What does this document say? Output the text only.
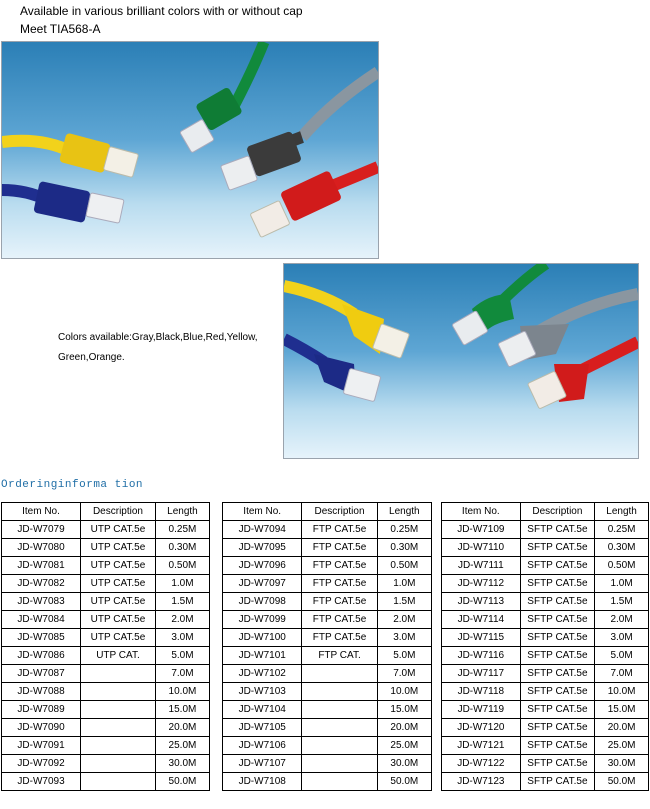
Available in various brilliant colors with or without cap
Meet TIA568-A
Colors available:Gray,Black,Blue,Red,Yellow,
Green,Orange.
Orderinginforma tion
Item No.	Description	Length
JD-W7079	UTP CAT.5e	0.25M
JD-W7080	UTP CAT.5e	0.30M
JD-W7081	UTP CAT.5e	0.50M
JD-W7082	UTP CAT.5e	1.0M
JD-W7083	UTP CAT.5e	1.5M
JD-W7084	UTP CAT.5e	2.0M
JD-W7085	UTP CAT.5e	3.0M
JD-W7086	UTP CAT.	5.0M
JD-W7087		7.0M
JD-W7088		10.0M
JD-W7089		15.0M
JD-W7090		20.0M
JD-W7091		25.0M
JD-W7092		30.0M
JD-W7093		50.0M
Item No.	Description	Length
JD-W7094	FTP CAT.5e	0.25M
JD-W7095	FTP CAT.5e	0.30M
JD-W7096	FTP CAT.5e	0.50M
JD-W7097	FTP CAT.5e	1.0M
JD-W7098	FTP CAT.5e	1.5M
JD-W7099	FTP CAT.5e	2.0M
JD-W7100	FTP CAT.5e	3.0M
JD-W7101	FTP CAT.	5.0M
JD-W7102		7.0M
JD-W7103		10.0M
JD-W7104		15.0M
JD-W7105		20.0M
JD-W7106		25.0M
JD-W7107		30.0M
JD-W7108		50.0M
Item No.	Description	Length
JD-W7109	SFTP CAT.5e	0.25M
JD-W7110	SFTP CAT.5e	0.30M
JD-W7111	SFTP CAT.5e	0.50M
JD-W7112	SFTP CAT.5e	1.0M
JD-W7113	SFTP CAT.5e	1.5M
JD-W7114	SFTP CAT.5e	2.0M
JD-W7115	SFTP CAT.5e	3.0M
JD-W7116	SFTP CAT.5e	5.0M
JD-W7117	SFTP CAT.5e	7.0M
JD-W7118	SFTP CAT.5e	10.0M
JD-W7119	SFTP CAT.5e	15.0M
JD-W7120	SFTP CAT.5e	20.0M
JD-W7121	SFTP CAT.5e	25.0M
JD-W7122	SFTP CAT.5e	30.0M
JD-W7123	SFTP CAT.5e	50.0M
